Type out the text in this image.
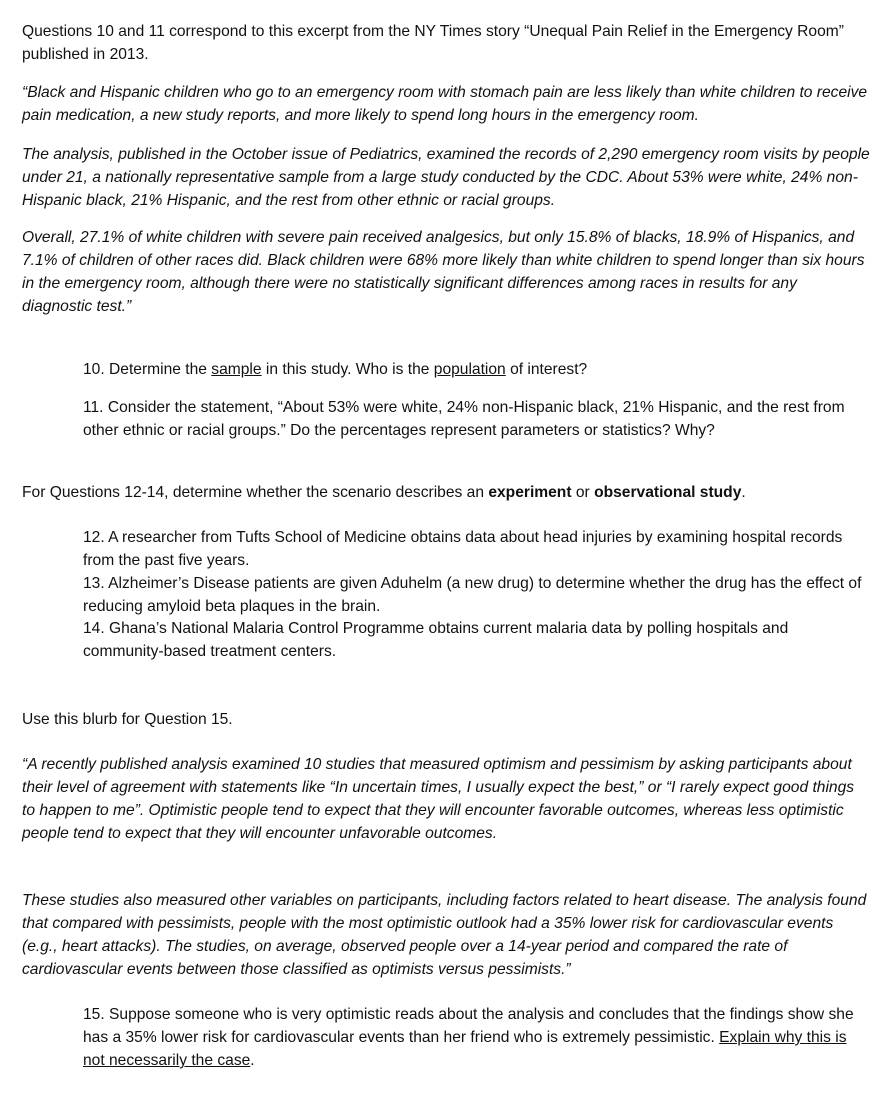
Questions 10 and 11 correspond to this excerpt from the NY Times story “Unequal Pain Relief in the Emergency Room” published in 2013.

“Black and Hispanic children who go to an emergency room with stomach pain are less likely than white children to receive pain medication, a new study reports, and more likely to spend long hours in the emergency room.

The analysis, published in the October issue of Pediatrics, examined the records of 2,290 emergency room visits by people under 21, a nationally representative sample from a large study conducted by the CDC. About 53% were white, 24% non-Hispanic black, 21% Hispanic, and the rest from other ethnic or racial groups.

Overall, 27.1% of white children with severe pain received analgesics, but only 15.8% of blacks, 18.9% of Hispanics, and 7.1% of children of other races did. Black children were 68% more likely than white children to spend longer than six hours in the emergency room, although there were no statistically significant differences among races in results for any diagnostic test.”

10. Determine the sample in this study. Who is the population of interest?

11. Consider the statement, “About 53% were white, 24% non-Hispanic black, 21% Hispanic, and the rest from other ethnic or racial groups.” Do the percentages represent parameters or statistics? Why?

For Questions 12-14, determine whether the scenario describes an experiment or observational study.

12. A researcher from Tufts School of Medicine obtains data about head injuries by examining hospital records from the past five years.

13. Alzheimer’s Disease patients are given Aduhelm (a new drug) to determine whether the drug has the effect of reducing amyloid beta plaques in the brain.

14. Ghana’s National Malaria Control Programme obtains current malaria data by polling hospitals and community-based treatment centers.

Use this blurb for Question 15.

“A recently published analysis examined 10 studies that measured optimism and pessimism by asking participants about their level of agreement with statements like “In uncertain times, I usually expect the best,” or “I rarely expect good things to happen to me”. Optimistic people tend to expect that they will encounter favorable outcomes, whereas less optimistic people tend to expect that they will encounter unfavorable outcomes.

These studies also measured other variables on participants, including factors related to heart disease. The analysis found that compared with pessimists, people with the most optimistic outlook had a 35% lower risk for cardiovascular events (e.g., heart attacks). The studies, on average, observed people over a 14-year period and compared the rate of cardiovascular events between those classified as optimists versus pessimists.”

15. Suppose someone who is very optimistic reads about the analysis and concludes that the findings show she has a 35% lower risk for cardiovascular events than her friend who is extremely pessimistic. Explain why this is not necessarily the case.
